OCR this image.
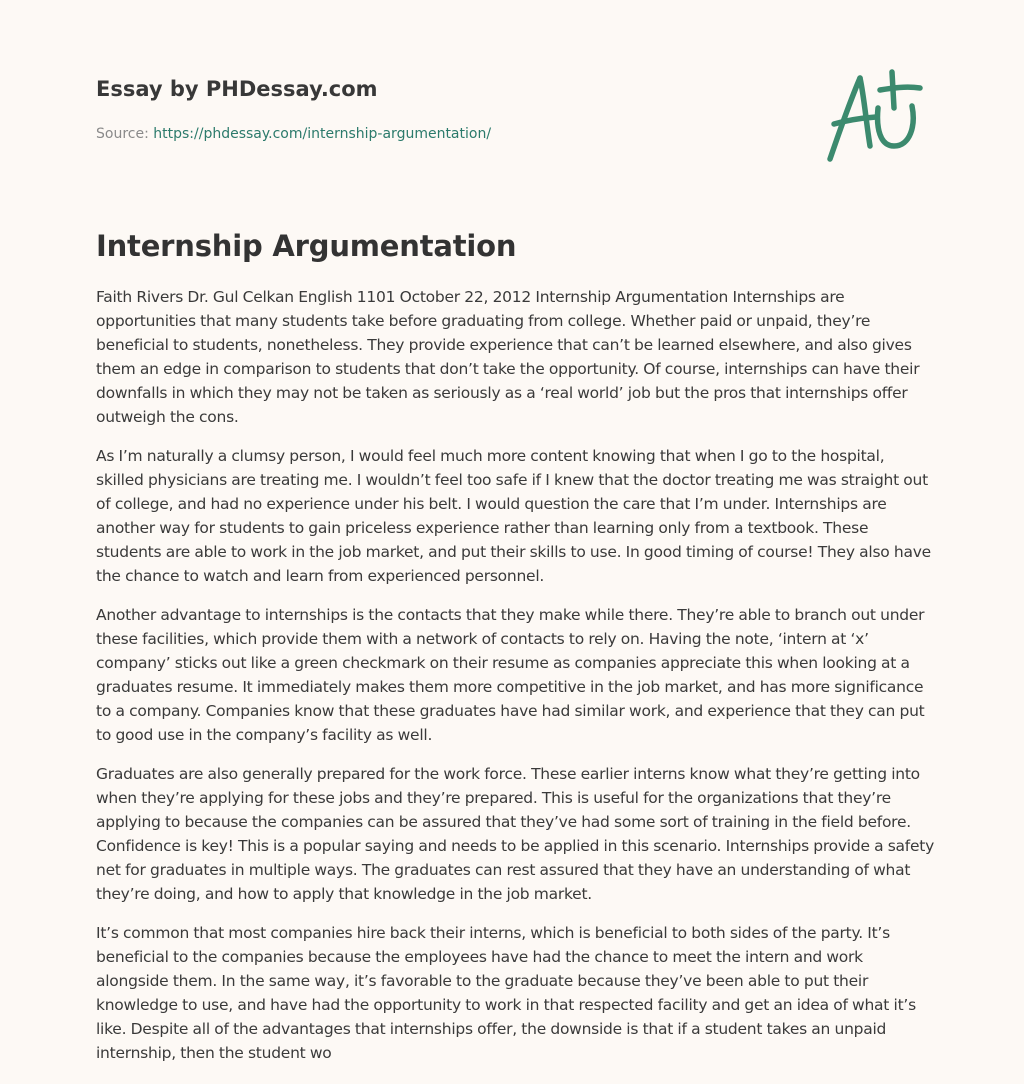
Essay by PHDessay.com
Source: https://phdessay.com/internship-argumentation/
Internship Argumentation

Faith Rivers Dr. Gul Celkan English 1101 October 22, 2012 Internship Argumentation Internships are opportunities that many students take before graduating from college. Whether paid or unpaid, they’re beneficial to students, nonetheless. They provide experience that can’t be learned elsewhere, and also gives them an edge in comparison to students that don’t take the opportunity. Of course, internships can have their downfalls in which they may not be taken as seriously as a ‘real world’ job but the pros that internships offer outweigh the cons.

As I’m naturally a clumsy person, I would feel much more content knowing that when I go to the hospital, skilled physicians are treating me. I wouldn’t feel too safe if I knew that the doctor treating me was straight out of college, and had no experience under his belt. I would question the care that I’m under. Internships are another way for students to gain priceless experience rather than learning only from a textbook. These students are able to work in the job market, and put their skills to use. In good timing of course! They also have the chance to watch and learn from experienced personnel.

Another advantage to internships is the contacts that they make while there. They’re able to branch out under these facilities, which provide them with a network of contacts to rely on. Having the note, ‘intern at ‘x’ company’ sticks out like a green checkmark on their resume as companies appreciate this when looking at a graduates resume. It immediately makes them more competitive in the job market, and has more significance to a company. Companies know that these graduates have had similar work, and experience that they can put to good use in the company’s facility as well.

Graduates are also generally prepared for the work force. These earlier interns know what they’re getting into when they’re applying for these jobs and they’re prepared. This is useful for the organizations that they’re applying to because the companies can be assured that they’ve had some sort of training in the field before. Confidence is key! This is a popular saying and needs to be applied in this scenario. Internships provide a safety net for graduates in multiple ways. The graduates can rest assured that they have an understanding of what they’re doing, and how to apply that knowledge in the job market.

It’s common that most companies hire back their interns, which is beneficial to both sides of the party. It’s beneficial to the companies because the employees have had the chance to meet the intern and work alongside them. In the same way, it’s favorable to the graduate because they’ve been able to put their knowledge to use, and have had the opportunity to work in that respected facility and get an idea of what it’s like. Despite all of the advantages that internships offer, the downside is that if a student takes an unpaid internship, then the student wo
